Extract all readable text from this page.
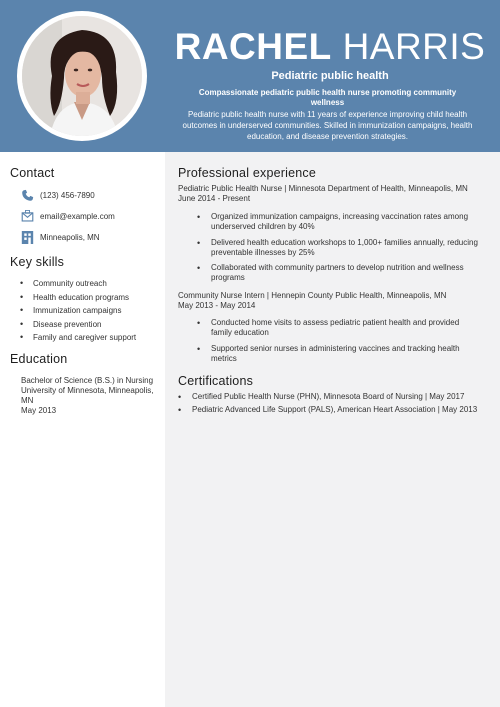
RACHEL HARRIS
Pediatric public health
Compassionate pediatric public health nurse promoting community wellness
Pediatric public health nurse with 11 years of experience improving child health outcomes in underserved communities. Skilled in immunization campaigns, health education, and disease prevention strategies.
Contact
(123) 456-7890
email@example.com
Minneapolis, MN
Key skills
• Community outreach
• Health education programs
• Immunization campaigns
• Disease prevention
• Family and caregiver support
Education
Bachelor of Science (B.S.) in Nursing
University of Minnesota, Minneapolis, MN
May 2013
Professional experience
Pediatric Public Health Nurse | Minnesota Department of Health, Minneapolis, MN
June 2014 - Present
• Organized immunization campaigns, increasing vaccination rates among underserved children by 40%
• Delivered health education workshops to 1,000+ families annually, reducing preventable illnesses by 25%
• Collaborated with community partners to develop nutrition and wellness programs
Community Nurse Intern | Hennepin County Public Health, Minneapolis, MN
May 2013 - May 2014
• Conducted home visits to assess pediatric patient health and provided family education
• Supported senior nurses in administering vaccines and tracking health metrics
Certifications
• Certified Public Health Nurse (PHN), Minnesota Board of Nursing | May 2017
• Pediatric Advanced Life Support (PALS), American Heart Association | May 2013
